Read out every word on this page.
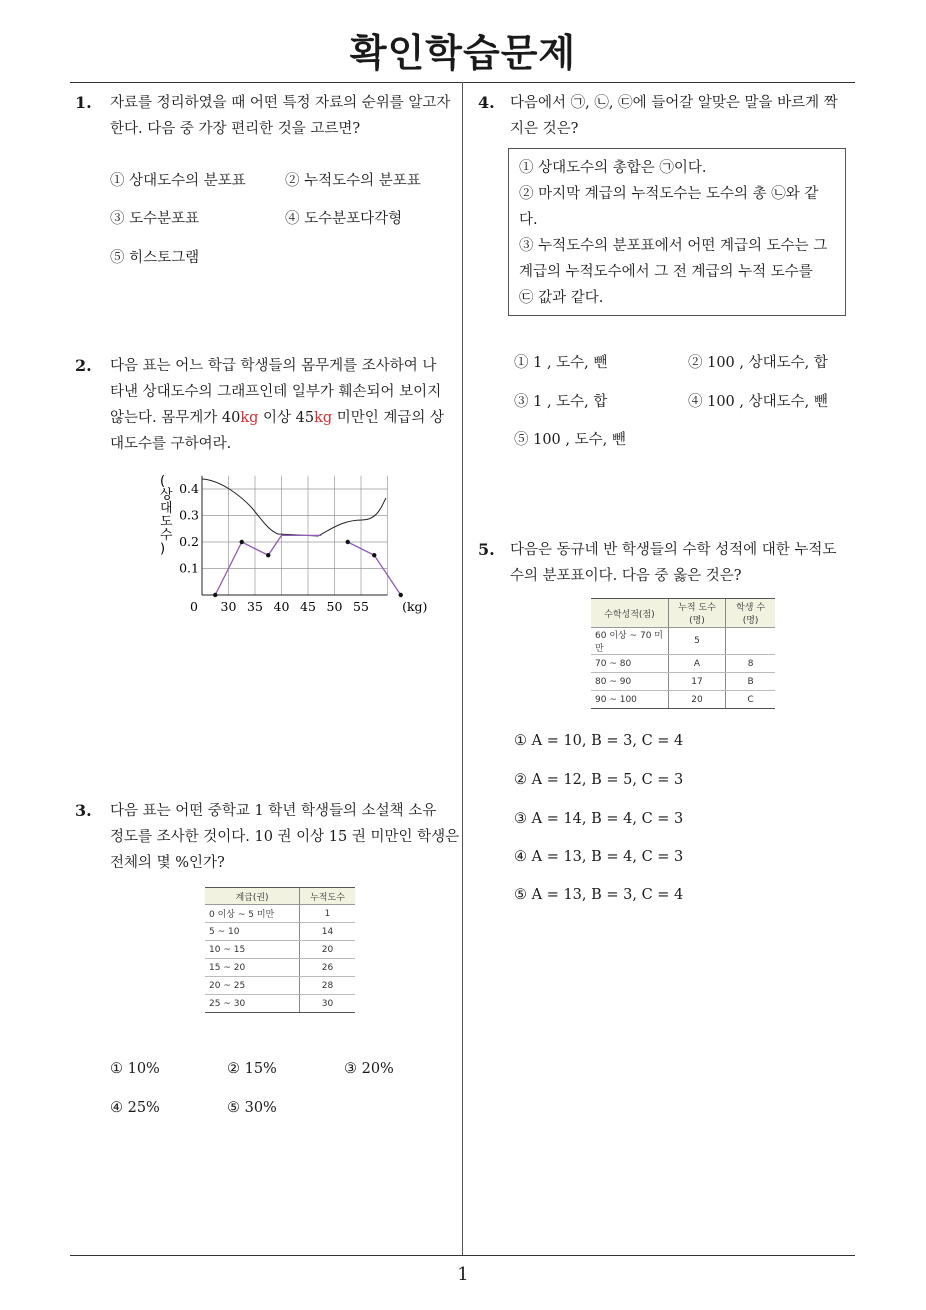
확인학습문제
1
1. 자료를 정리하였을 때 어떤 특정 자료의 순위를 알고자
한다. 다음 중 가장 편리한 것을 고르면?
① 상대도수의 분포표	② 누적도수의 분포표
③ 도수분포표	④ 도수분포다각형
⑤ 히스토그램
2. 다음 표는 어느 학급 학생들의 몸무게를 조사하여 나
타낸 상대도수의 그래프인데 일부가 훼손되어 보이지
않는다. 몸무게가 40kg 이상 45kg 미만인 계급의 상
대도수를 구하여라.
( 상 대 도 수 )
0.1
0.2
0.3
0.4
0 30 35 40 45 50 55	(kg)
3. 다음 표는 어떤 중학교 1 학년 학생들의 소설책 소유
정도를 조사한 것이다. 10 권 이상 15 권 미만인 학생은
전체의 몇 %인가?
계급(권)	누적도수
0 이상 ~ 5 미만	1
5 ~ 10	14
10 ~ 15	20
15 ~ 20	26
20 ~ 25	28
25 ~ 30	30
① 10%	② 15%	③ 20%
④ 25%	⑤ 30%
4. 다음에서 ㉠, ㉡, ㉢에 들어갈 알맞은 말을 바르게 짝
지은 것은?
① 상대도수의 총합은 ㉠이다.
② 마지막 계급의 누적도수는 도수의 총 ㉡와 같
다.
③ 누적도수의 분포표에서 어떤 계급의 도수는 그
계급의 누적도수에서 그 전 계급의 누적 도수를
㉢ 값과 같다.
① 1 , 도수, 뺀	② 100 , 상대도수, 합
③ 1 , 도수, 합	④ 100 , 상대도수, 뺀
⑤ 100 , 도수, 뺀
5. 다음은 동규네 반 학생들의 수학 성적에 대한 누적도
수의 분포표이다. 다음 중 옳은 것은?
수학성적(점)	누적 도수(명)	학생 수(명)
60 이상 ~ 70 미만	5	
70 ~ 80	A	8
80 ~ 90	17	B
90 ~ 100	20	C
① A = 10, B = 3, C = 4
② A = 12, B = 5, C = 3
③ A = 14, B = 4, C = 3
④ A = 13, B = 4, C = 3
⑤ A = 13, B = 3, C = 4
